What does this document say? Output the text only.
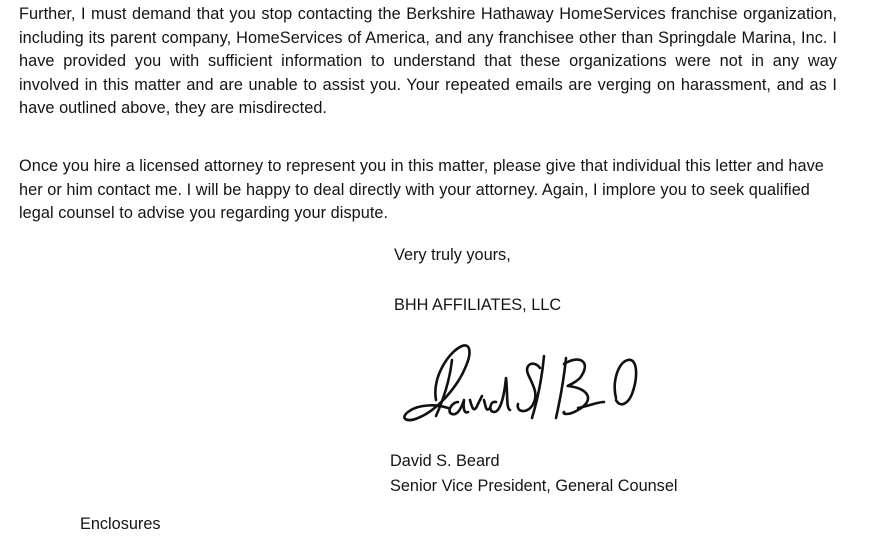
Further, I must demand that you stop contacting the Berkshire Hathaway HomeServices franchise organization, including its parent company, HomeServices of America, and any franchisee other than Springdale Marina, Inc. I have provided you with sufficient information to understand that these organizations were not in any way involved in this matter and are unable to assist you. Your repeated emails are verging on harassment, and as I have outlined above, they are misdirected.

Once you hire a licensed attorney to represent you in this matter, please give that individual this letter and have her or him contact me. I will be happy to deal directly with your attorney. Again, I implore you to seek qualified legal counsel to advise you regarding your dispute.

Very truly yours,
BHH AFFILIATES, LLC
David S. Beard
Senior Vice President, General Counsel
Enclosures
